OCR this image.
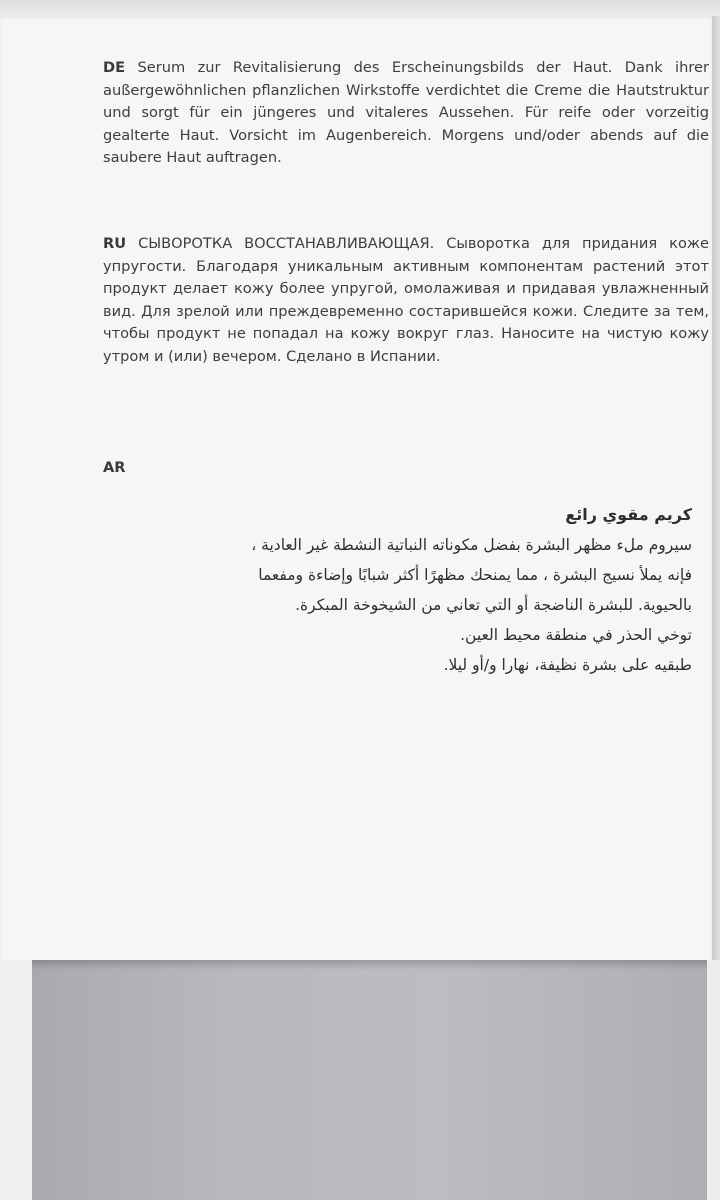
DE Serum zur Revitalisierung des Erscheinungsbilds der Haut. Dank ihrer außergewöhnlichen pflanzlichen Wirkstoffe verdichtet die Creme die Hautstruktur und sorgt für ein jüngeres und vitaleres Aussehen. Für reife oder vorzeitig gealterte Haut. Vorsicht im Augenbereich. Morgens und/oder abends auf die saubere Haut auftragen.

RU СЫВОРОТКА ВОССТАНАВЛИВАЮЩАЯ. Сыворотка для придания коже упругости. Благодаря уникальным активным компонентам растений этот продукт делает кожу более упругой, омолаживая и придавая увлажненный вид. Для зрелой или преждевременно состарившейся кожи. Следите за тем, чтобы продукт не попадал на кожу вокруг глаз. Наносите на чистую кожу утром и (или) вечером. Сделано в Испании.

AR
كريم مقوي رائع
سيروم ملء مظهر البشرة بفضل مكوناته النباتية النشطة غير العادية ،
فإنه يملأ نسيج البشرة ، مما يمنحك مظهرًا أكثر شبابًا وإضاءة ومفعما
بالحيوية. للبشرة الناضجة أو التي تعاني من الشيخوخة المبكرة.
توخي الحذر في منطقة محيط العين.
طبقيه على بشرة نظيفة، نهارا و/أو ليلا.
